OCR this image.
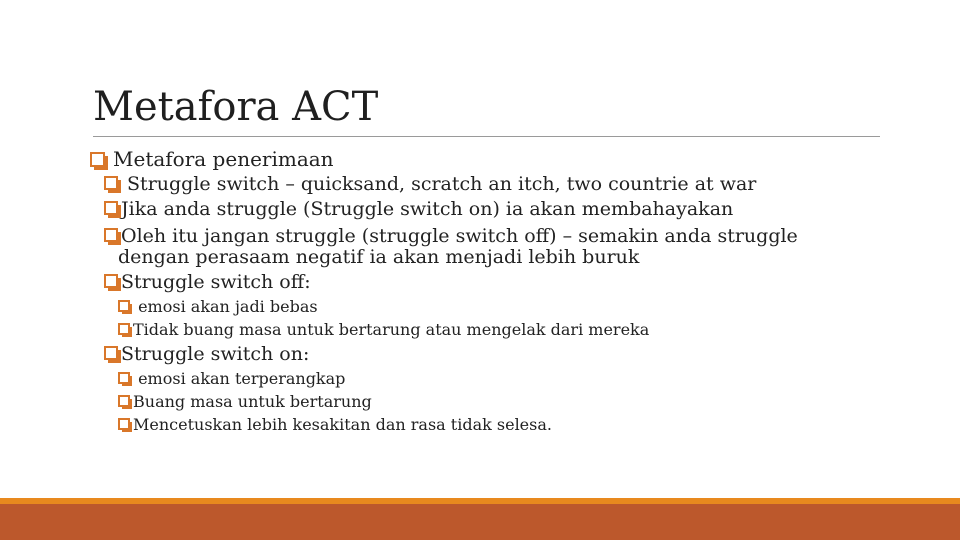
Metafora ACT
Metafora penerimaan
Struggle switch – quicksand, scratch an itch, two countrie at war
Jika anda struggle (Struggle switch on) ia akan membahayakan
Oleh itu jangan struggle (struggle switch off) – semakin anda struggle
dengan perasaam negatif ia akan menjadi lebih buruk
Struggle switch off:
emosi akan jadi bebas
Tidak buang masa untuk bertarung atau mengelak dari mereka
Struggle switch on:
emosi akan terperangkap
Buang masa untuk bertarung
Mencetuskan lebih kesakitan dan rasa tidak selesa.
